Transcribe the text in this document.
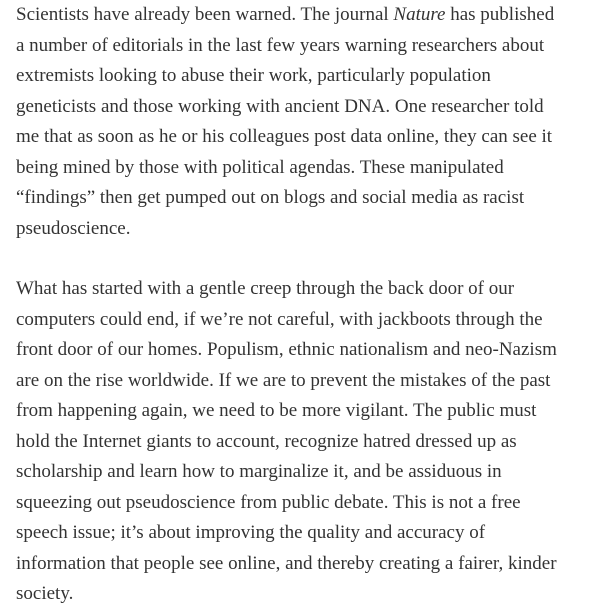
Scientists have already been warned. The journal Nature has published
a number of editorials in the last few years warning researchers about
extremists looking to abuse their work, particularly population
geneticists and those working with ancient DNA. One researcher told
me that as soon as he or his colleagues post data online, they can see it
being mined by those with political agendas. These manipulated
“findings” then get pumped out on blogs and social media as racist
pseudoscience.
What has started with a gentle creep through the back door of our
computers could end, if we’re not careful, with jackboots through the
front door of our homes. Populism, ethnic nationalism and neo-Nazism
are on the rise worldwide. If we are to prevent the mistakes of the past
from happening again, we need to be more vigilant. The public must
hold the Internet giants to account, recognize hatred dressed up as
scholarship and learn how to marginalize it, and be assiduous in
squeezing out pseudoscience from public debate. This is not a free
speech issue; it’s about improving the quality and accuracy of
information that people see online, and thereby creating a fairer, kinder
society.
